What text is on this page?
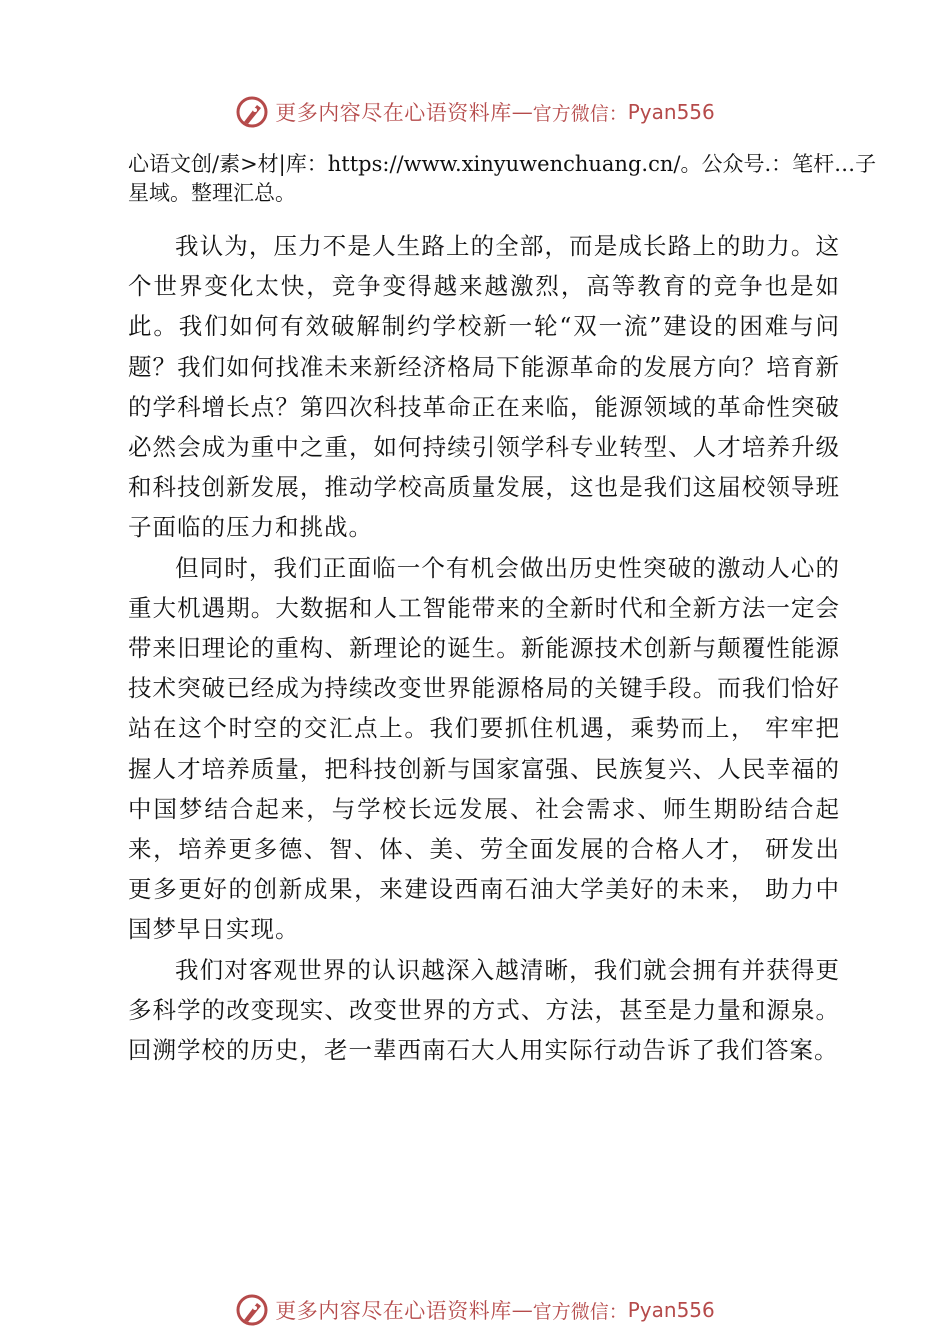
更多内容尽在心语资料库 — 官方微信： Pyan556
心语文创/素>材|库：https://www.xinyuwenchuang.cn/。公众号.：笔杆…子星域。整理汇总。

我认为，压力不是人生路上的全部，而是成长路上的助力。这个世界变化太快，竞争变得越来越激烈，高等教育的竞争也是如此。我们如何有效破解制约学校新一轮“双一流”建设的困难与问题？我们如何找准未来新经济格局下能源革命的发展方向？培育新的学科增长点？第四次科技革命正在来临，能源领域的革命性突破必然会成为重中之重，如何持续引领学科专业转型、人才培养升级和科技创新发展，推动学校高质量发展，这也是我们这届校领导班子面临的压力和挑战。

但同时，我们正面临一个有机会做出历史性突破的激动人心的重大机遇期。大数据和人工智能带来的全新时代和全新方法一定会带来旧理论的重构、新理论的诞生。新能源技术创新与颠覆性能源技术突破已经成为持续改变世界能源格局的关键手段。而我们恰好站在这个时空的交汇点上。我们要抓住机遇，乘势而上， 牢牢把握人才培养质量，把科技创新与国家富强、民族复兴、人民幸福的中国梦结合起来，与学校长远发展、社会需求、师生期盼结合起来，培养更多德、智、体、美、劳全面发展的合格人才， 研发出更多更好的创新成果，来建设西南石油大学美好的未来， 助力中国梦早日实现。

我们对客观世界的认识越深入越清晰，我们就会拥有并获得更多科学的改变现实、改变世界的方式、方法，甚至是力量和源泉。回溯学校的历史，老一辈西南石大人用实际行动告诉了我们答案。

更多内容尽在心语资料库 — 官方微信： Pyan556
